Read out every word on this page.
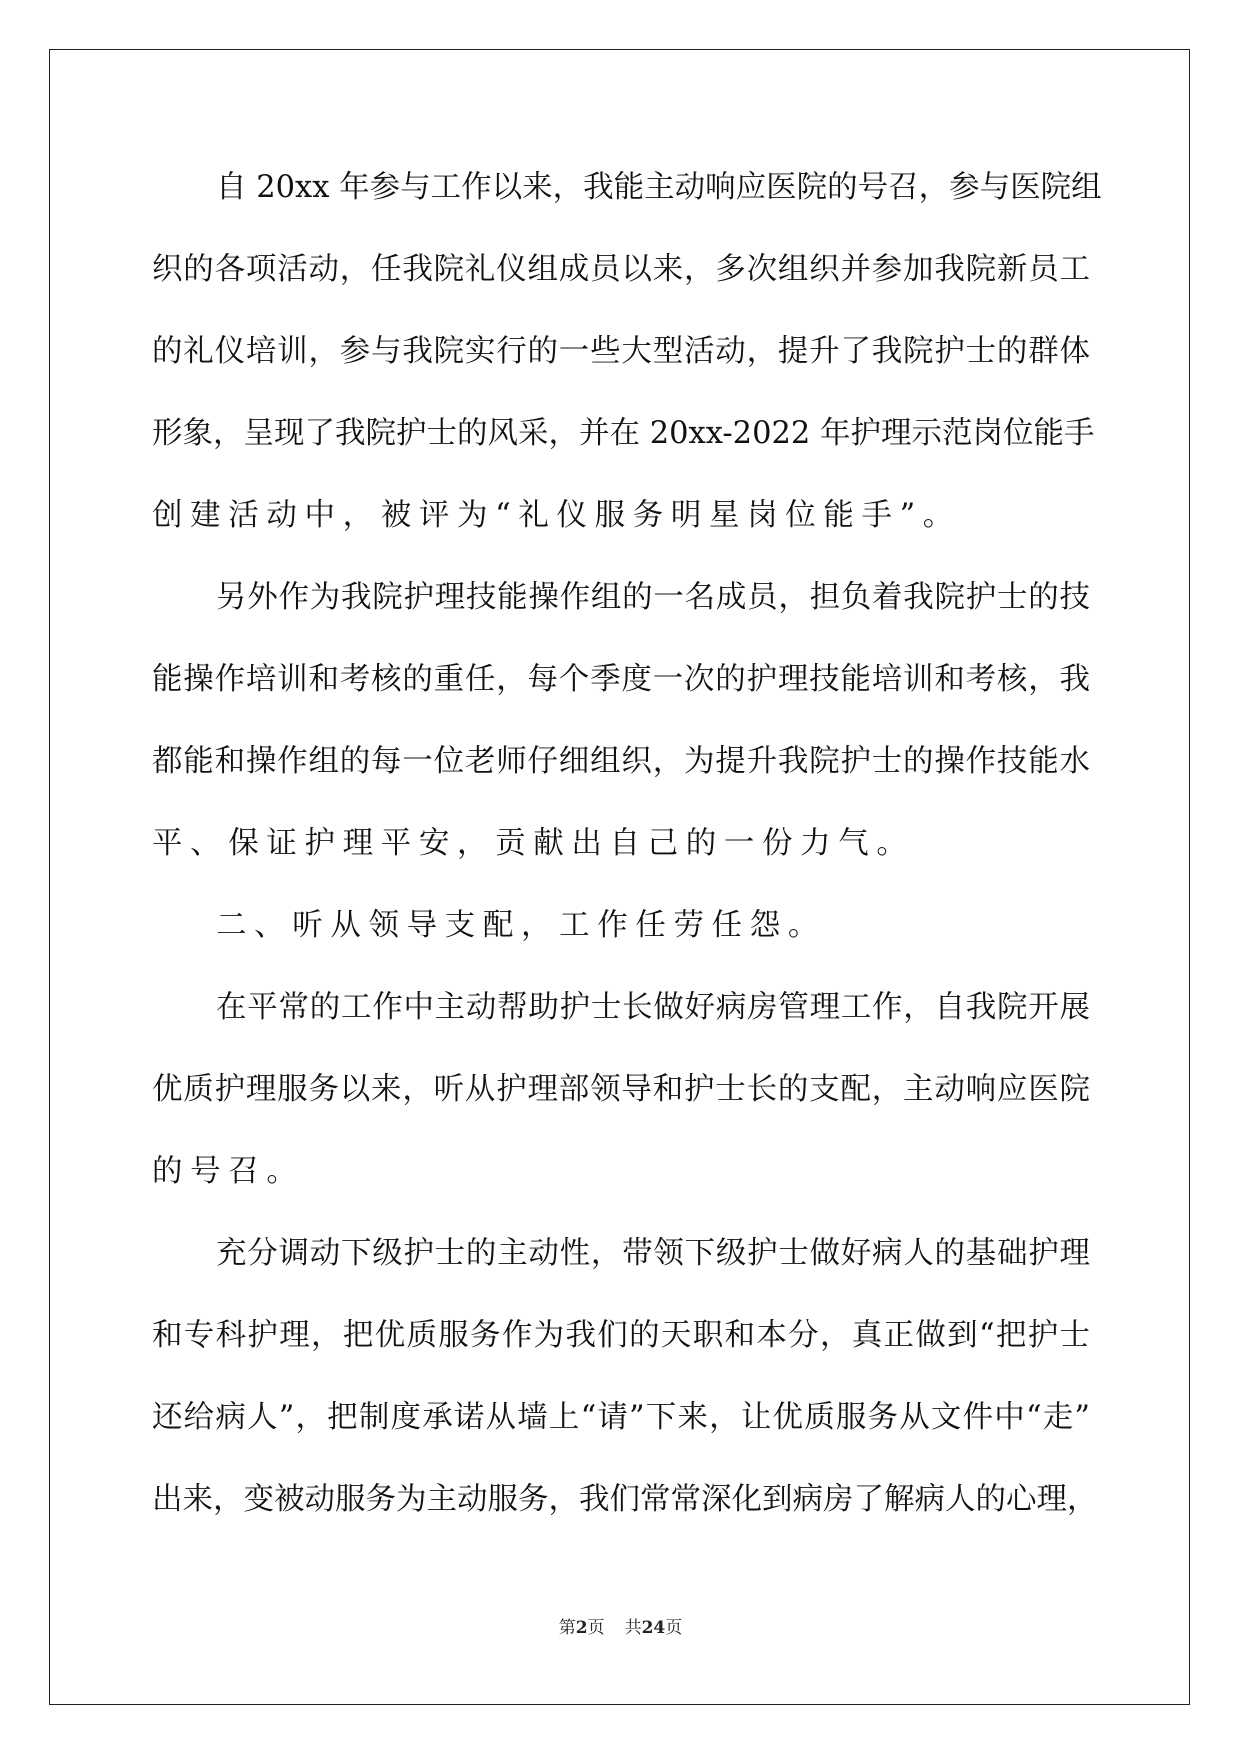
自 20xx 年参与工作以来，我能主动响应医院的号召，参与医院组
织的各项活动，任我院礼仪组成员以来，多次组织并参加我院新员工
的礼仪培训，参与我院实行的一些大型活动，提升了我院护士的群体
形象，呈现了我院护士的风采，并在 20xx-2022 年护理示范岗位能手
创建活动中，被评为“礼仪服务明星岗位能手”。
另外作为我院护理技能操作组的一名成员，担负着我院护士的技
能操作培训和考核的重任，每个季度一次的护理技能培训和考核，我
都能和操作组的每一位老师仔细组织，为提升我院护士的操作技能水
平、保证护理平安，贡献出自己的一份力气。
二、听从领导支配，工作任劳任怨。
在平常的工作中主动帮助护士长做好病房管理工作，自我院开展
优质护理服务以来，听从护理部领导和护士长的支配，主动响应医院
的号召。
充分调动下级护士的主动性，带领下级护士做好病人的基础护理
和专科护理，把优质服务作为我们的天职和本分，真正做到“把护士
还给病人”，把制度承诺从墙上“请”下来，让优质服务从文件中“走”
出来，变被动服务为主动服务，我们常常深化到病房了解病人的心理，
第2页 共24页
